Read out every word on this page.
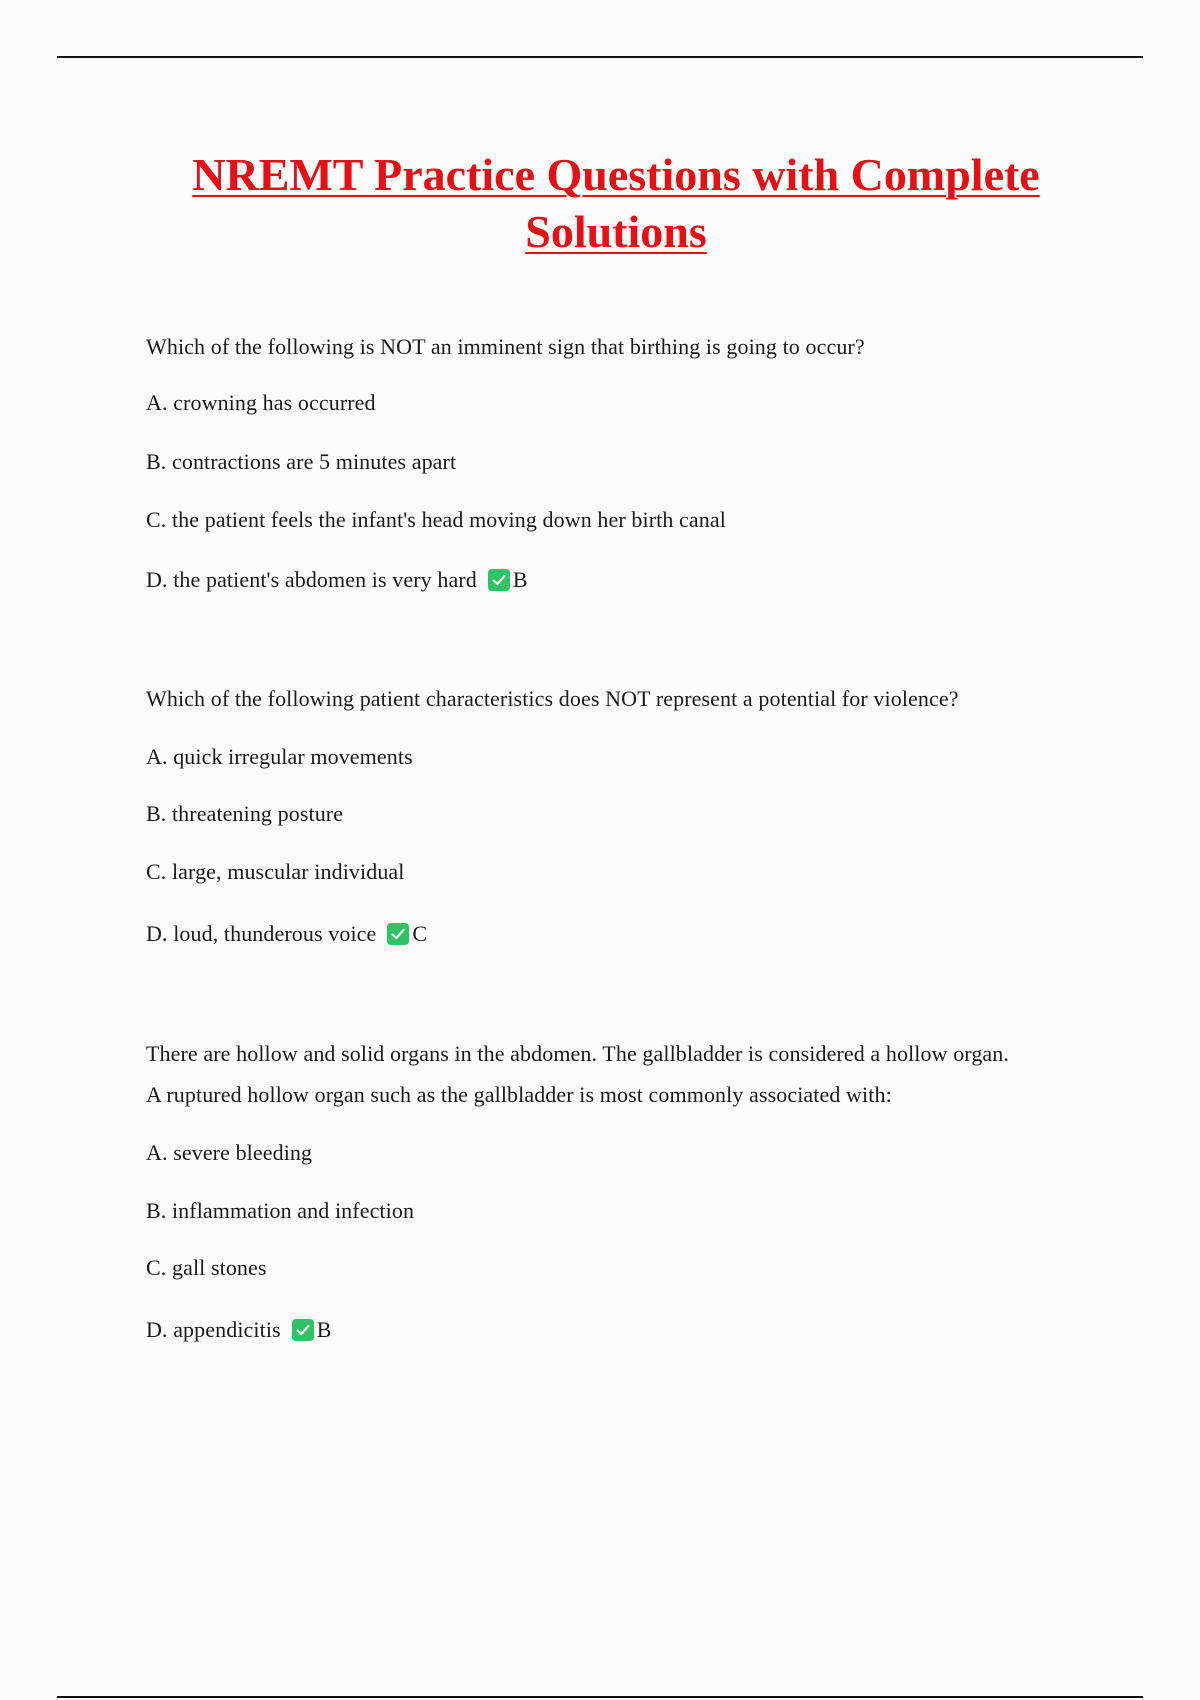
NREMT Practice Questions with Complete Solutions

Which of the following is NOT an imminent sign that birthing is going to occur?

A. crowning has occurred

B. contractions are 5 minutes apart

C. the patient feels the infant's head moving down her birth canal

D. the patient's abdomen is very hard B

Which of the following patient characteristics does NOT represent a potential for violence?

A. quick irregular movements

B. threatening posture

C. large, muscular individual

D. loud, thunderous voice C

There are hollow and solid organs in the abdomen. The gallbladder is considered a hollow organ.

A ruptured hollow organ such as the gallbladder is most commonly associated with:

A. severe bleeding

B. inflammation and infection

C. gall stones

D. appendicitis B
